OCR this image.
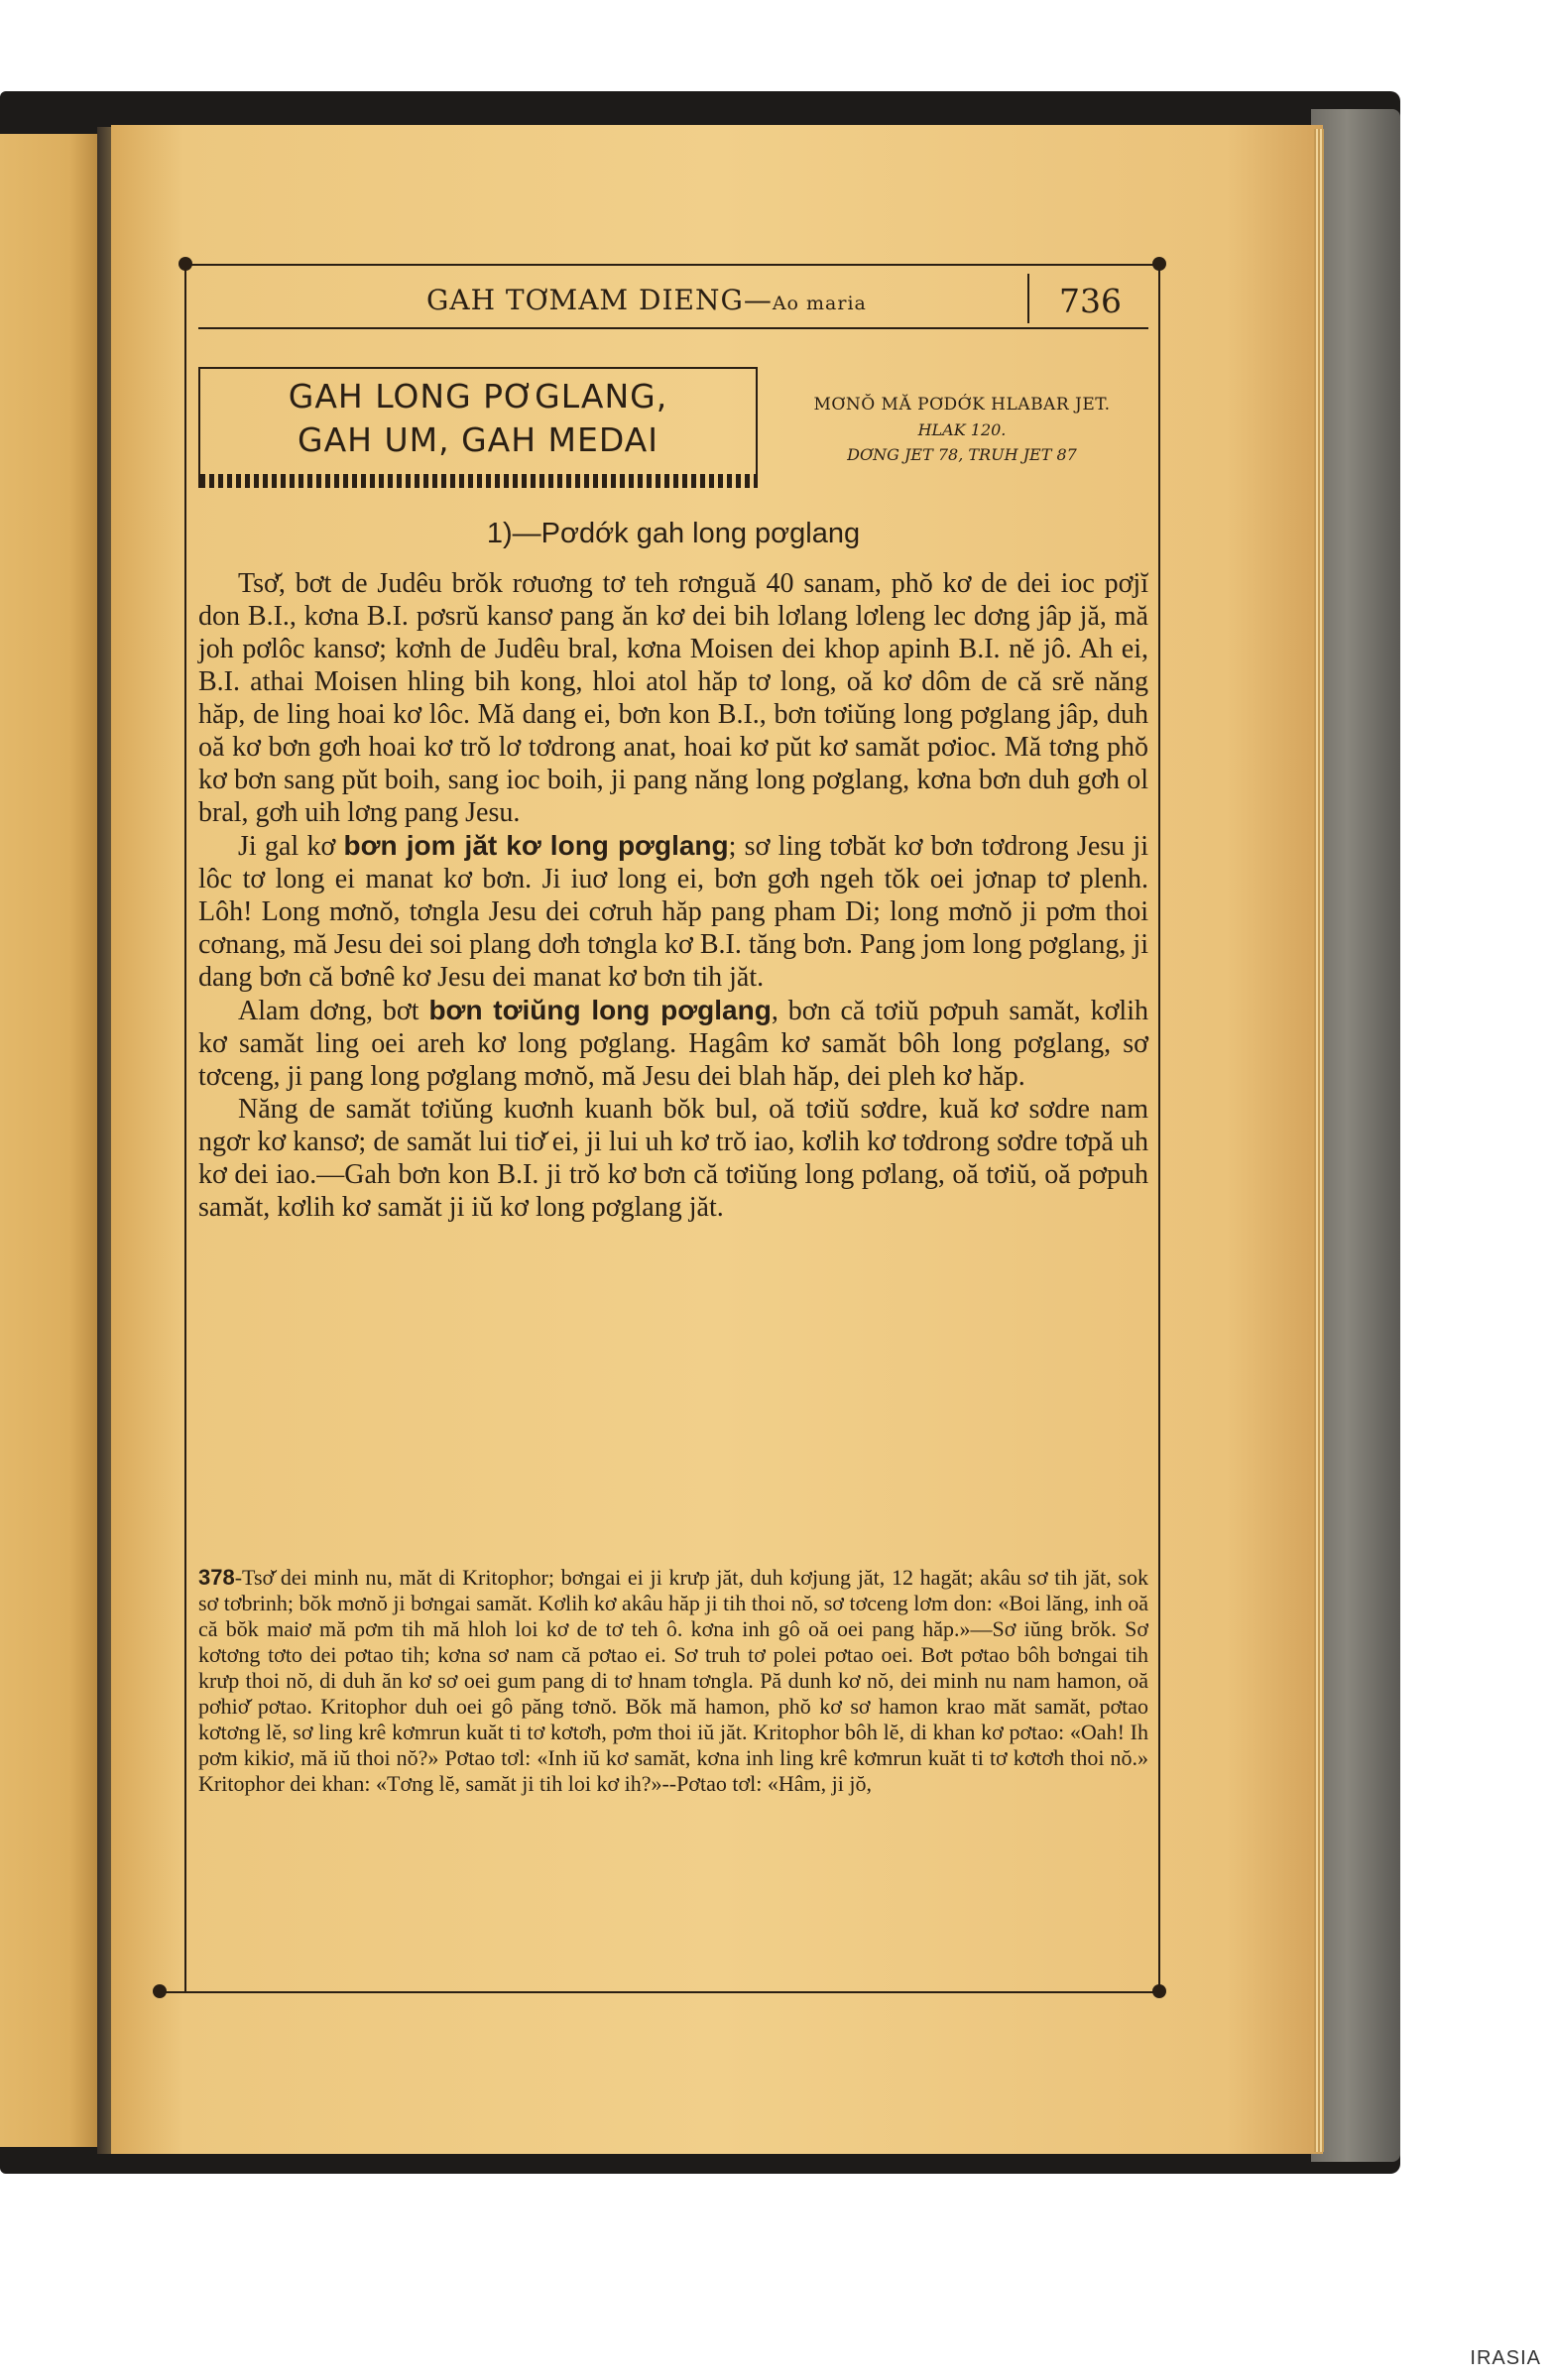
GAH TƠMAM DIENG—Ao maria	736
GAH LONG PƠGLANG,
GAH UM, GAH MEDAI
MƠNŎ MĂ PƠDỚK HLABAR JET.
HLAK 120.
DƠNG JET 78, TRUH JET 87
1)—Pơdớk gah long pơglang

Tsơ̆, bơt de Judêu brŏk rơuơng tơ teh rơnguă 40 sanam, phŏ kơ de dei ioc pơjĭ don B.I., kơna B.I. pơsrŭ kansơ pang ăn kơ dei bih lơlang lơleng lec dơng jâp jă, mă joh pơlôc kansơ; kơnh de Judêu bral, kơna Moisen dei khop apinh B.I. nĕ jô. Ah ei, B.I. athai Moisen hling bih kong, hloi atol hăp tơ long, oă kơ dôm de că srĕ năng hăp, de ling hoai kơ lôc. Mă dang ei, bơn kon B.I., bơn tơiŭng long pơglang jâp, duh oă kơ bơn gơh hoai kơ trŏ lơ tơdrong anat, hoai kơ pŭt kơ samăt pơioc. Mă tơng phŏ kơ bơn sang pŭt boih, sang ioc boih, ji pang năng long pơglang, kơna bơn duh gơh ol bral, gơh uih lơng pang Jesu.

Ji gal kơ bơn jom jăt kơ long pơglang; sơ ling tơbăt kơ bơn tơdrong Jesu ji lôc tơ long ei manat kơ bơn. Ji iuơ long ei, bơn gơh ngeh tŏk oei jơnap tơ plenh. Lôh! Long mơnŏ, tơngla Jesu dei cơruh hăp pang pham Di; long mơnŏ ji pơm thoi cơnang, mă Jesu dei soi plang dơh tơngla kơ B.I. tăng bơn. Pang jom long pơglang, ji dang bơn că bơnê kơ Jesu dei manat kơ bơn tih jăt.

Alam dơng, bơt bơn tơiŭng long pơglang, bơn că tơiŭ pơpuh samăt, kơlih kơ samăt ling oei areh kơ long pơglang. Hagâm kơ samăt bôh long pơglang, sơ tơceng, ji pang long pơglang mơnŏ, mă Jesu dei blah hăp, dei pleh kơ hăp.

Năng de samăt tơiŭng kuơnh kuanh bŏk bul, oă tơiŭ sơdre, kuă kơ sơdre nam ngơr kơ kansơ; de samăt lui tiơ̆ ei, ji lui uh kơ trŏ iao, kơlih kơ tơdrong sơdre tơpă uh kơ dei iao.—Gah bơn kon B.I. ji trŏ kơ bơn că tơiŭng long pơlang, oă tơiŭ, oă pơpuh samăt, kơlih kơ samăt ji iŭ kơ long pơglang jăt.

378-Tsơ̆ dei minh nu, măt di Kritophor; bơngai ei ji krưp jăt, duh kơjung jăt, 12 hagăt; akâu sơ tih jăt, sok sơ tơbrinh; bŏk mơnŏ ji bơngai samăt. Kơlih kơ akâu hăp ji tih thoi nŏ, sơ tơceng lơm don: «Boi lăng, inh oă că bŏk maiơ mă pơm tih mă hloh loi kơ de tơ teh ô. kơna inh gô oă oei pang hăp.»—Sơ iŭng brŏk. Sơ kơtơng tơto dei pơtao tih; kơna sơ nam că pơtao ei. Sơ truh tơ polei pơtao oei. Bơt pơtao bôh bơngai tih krưp thoi nŏ, di duh ăn kơ sơ oei gum pang di tơ hnam tơngla. Pă dunh kơ nŏ, dei minh nu nam hamon, oă pơhiơ̆ pơtao. Kritophor duh oei gô păng tơnŏ. Bŏk mă hamon, phŏ kơ sơ hamon krao măt samăt, pơtao kơtơng lĕ, sơ ling krê kơmrun kuăt ti tơ kơtơh, pơm thoi iŭ jăt. Kritophor bôh lĕ, di khan kơ pơtao: «Oah! Ih pơm kikiơ, mă iŭ thoi nŏ?» Pơtao tơl: «Inh iŭ kơ samăt, kơna inh ling krê kơmrun kuăt ti tơ kơtơh thoi nŏ.» Kritophor dei khan: «Tơng lĕ, samăt ji tih loi kơ ih?»--Pơtao tơl: «Hâm, ji jŏ,
IRASIA
